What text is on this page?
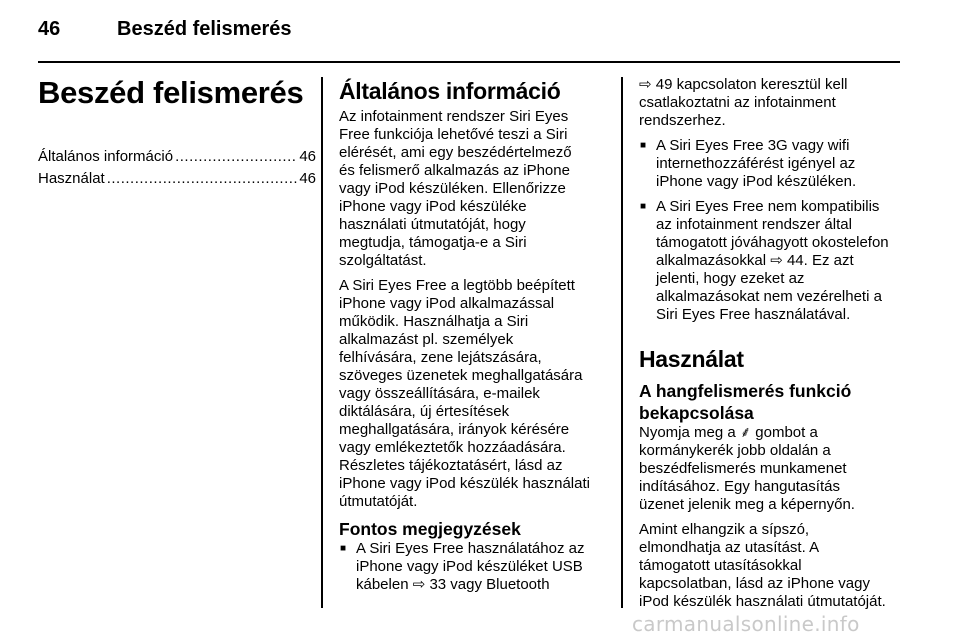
46	Beszéd felismerés
Beszéd felismerés
Általános információ .....	46
Használat .....	46
Általános információ

Az infotainment rendszer Siri Eyes
Free funkciója lehetővé teszi a Siri
elérését, ami egy beszédértelmező
és felismerő alkalmazás az iPhone
vagy iPod készüléken. Ellenőrizze
iPhone vagy iPod készüléke
használati útmutatóját, hogy
megtudja, támogatja-e a Siri
szolgáltatást.

A Siri Eyes Free a legtöbb beépített
iPhone vagy iPod alkalmazással
működik. Használhatja a Siri
alkalmazást pl. személyek
felhívására, zene lejátszására,
szöveges üzenetek meghallgatására
vagy összeállítására, e-mailek
diktálására, új értesítések
meghallgatására, irányok kérésére
vagy emlékeztetők hozzáadására.
Részletes tájékoztatásért, lásd az
iPhone vagy iPod készülék használati
útmutatóját.

Fontos megjegyzések
■ A Siri Eyes Free használatához az
iPhone vagy iPod készüléket USB
kábelen ⇨ 33 vagy Bluetooth

⇨ 49 kapcsolaton keresztül kell
csatlakoztatni az infotainment
rendszerhez.

■ A Siri Eyes Free 3G vagy wifi
internethozzáférést igényel az
iPhone vagy iPod készüléken.
■ A Siri Eyes Free nem kompatibilis
az infotainment rendszer által
támogatott jóváhagyott okostelefon
alkalmazásokkal ⇨ 44. Ez azt
jelenti, hogy ezeket az
alkalmazásokat nem vezérelheti a
Siri Eyes Free használatával.
Használat
A hangfelismerés funkció bekapcsolása

Nyomja meg a ⸙ gombot a
kormánykerék jobb oldalán a
beszédfelismerés munkamenet
indításához. Egy hangutasítás
üzenet jelenik meg a képernyőn.

Amint elhangzik a sípszó,
elmondhatja az utasítást. A
támogatott utasításokkal
kapcsolatban, lásd az iPhone vagy
iPod készülék használati útmutatóját.

carmanualsonline.info
